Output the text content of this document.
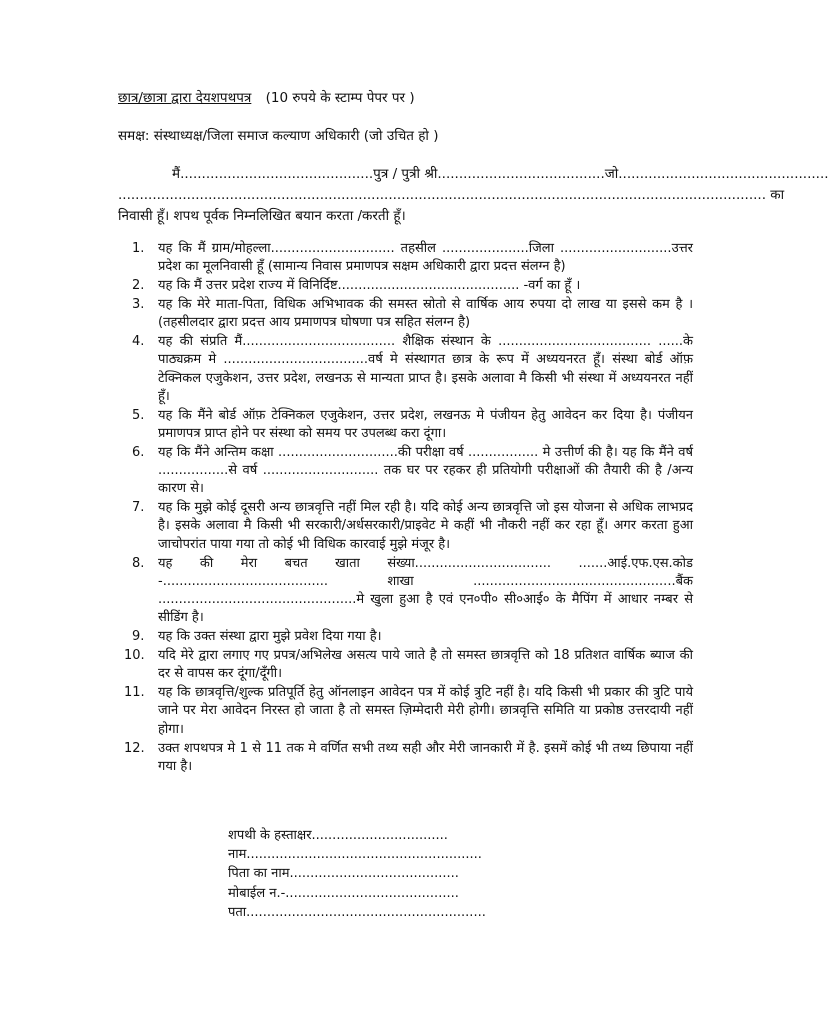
छात्र/छात्रा द्वारा देयशपथपत्र (10 रुपये के स्टाम्प पेपर पर )
समक्ष: संस्थाध्यक्ष/जिला समाज कल्याण अधिकारी (जो उचित हो )
मैं.............................................पुत्र / पुत्री श्री.......................................जो.................................................
....................................................................................................................................................... का
निवासी हूँ। शपथ पूर्वक निम्नलिखित बयान करता /करती हूँ।
1. यह कि मैं ग्राम/मोहल्ला.............................. तहसील .....................जिला ...........................उत्तर प्रदेश का मूलनिवासी हूँ (सामान्य निवास प्रमाणपत्र सक्षम अधिकारी द्वारा प्रदत्त संलग्न है)
2. यह कि मैं उत्तर प्रदेश राज्य में विनिर्दिष्ट............................................ -वर्ग का हूँ ।
3. यह कि मेरे माता-पिता, विधिक अभिभावक की समस्त स्रोतो से वार्षिक आय रुपया दो लाख या इससे कम है । (तहसीलदार द्वारा प्रदत्त आय प्रमाणपत्र घोषणा पत्र सहित संलग्न है)
4. यह की संप्रति मैं..................................... शैक्षिक संस्थान के ..................................... ......के पाठ्यक्रम मे ...................................वर्ष मे संस्थागत छात्र के रूप में अध्ययनरत हूँ। संस्था बोर्ड ऑफ़ टेक्निकल एजुकेशन, उत्तर प्रदेश, लखनऊ से मान्यता प्राप्त है। इसके अलावा मै किसी भी संस्था में अध्ययनरत नहीं हूँ।
5. यह कि मैंने बोर्ड ऑफ़ टेक्निकल एजुकेशन, उत्तर प्रदेश, लखनऊ मे पंजीयन हेतु आवेदन कर दिया है। पंजीयन प्रमाणपत्र प्राप्त होने पर संस्था को समय पर उपलब्ध करा दूंगा।
6. यह कि मैंने अन्तिम कक्षा .............................की परीक्षा वर्ष ................. मे उत्तीर्ण की है। यह कि मैंने वर्ष .................से वर्ष ............................ तक घर पर रहकर ही प्रतियोगी परीक्षाओं की तैयारी की है /अन्य कारण से।
7. यह कि मुझे कोई दूसरी अन्य छात्रवृत्ति नहीं मिल रही है। यदि कोई अन्य छात्रवृत्ति जो इस योजना से अधिक लाभप्रद है। इसके अलावा मै किसी भी सरकारी/अर्धसरकारी/प्राइवेट मे कहीं भी नौकरी नहीं कर रहा हूँ। अगर करता हुआ जाचोपरांत पाया गया तो कोई भी विधिक कारवाई मुझे मंजूर है।
8. यह की मेरा बचत खाता संख्या................................. .......आई.एफ.एस.कोड -........................................ शाखा .................................................बैंक ................................................मे खुला हुआ है एवं एन०पी० सी०आई० के मैपिंग में आधार नम्बर से सीडिंग है।
9. यह कि उक्त संस्था द्वारा मुझे प्रवेश दिया गया है।
10. यदि मेरे द्वारा लगाए गए प्रपत्र/अभिलेख असत्य पाये जाते है तो समस्त छात्रवृत्ति को 18 प्रतिशत वार्षिक ब्याज की दर से वापस कर दूंगा/दूँगी।
11. यह कि छात्रवृत्ति/शुल्क प्रतिपूर्ति हेतु ऑनलाइन आवेदन पत्र में कोई त्रुटि नहीं है। यदि किसी भी प्रकार की त्रुटि पाये जाने पर मेरा आवेदन निरस्त हो जाता है तो समस्त ज़िम्मेदारी मेरी होगी। छात्रवृत्ति समिति या प्रकोष्ठ उत्तरदायी नहीं होगा।
12. उक्त शपथपत्र मे 1 से 11 तक मे वर्णित सभी तथ्य सही और मेरी जानकारी में है. इसमें कोई भी तथ्य छिपाया नहीं गया है।
शपथी के हस्ताक्षर.................................
नाम.........................................................
पिता का नाम.........................................
मोबाईल न.-..........................................
पता..........................................................
